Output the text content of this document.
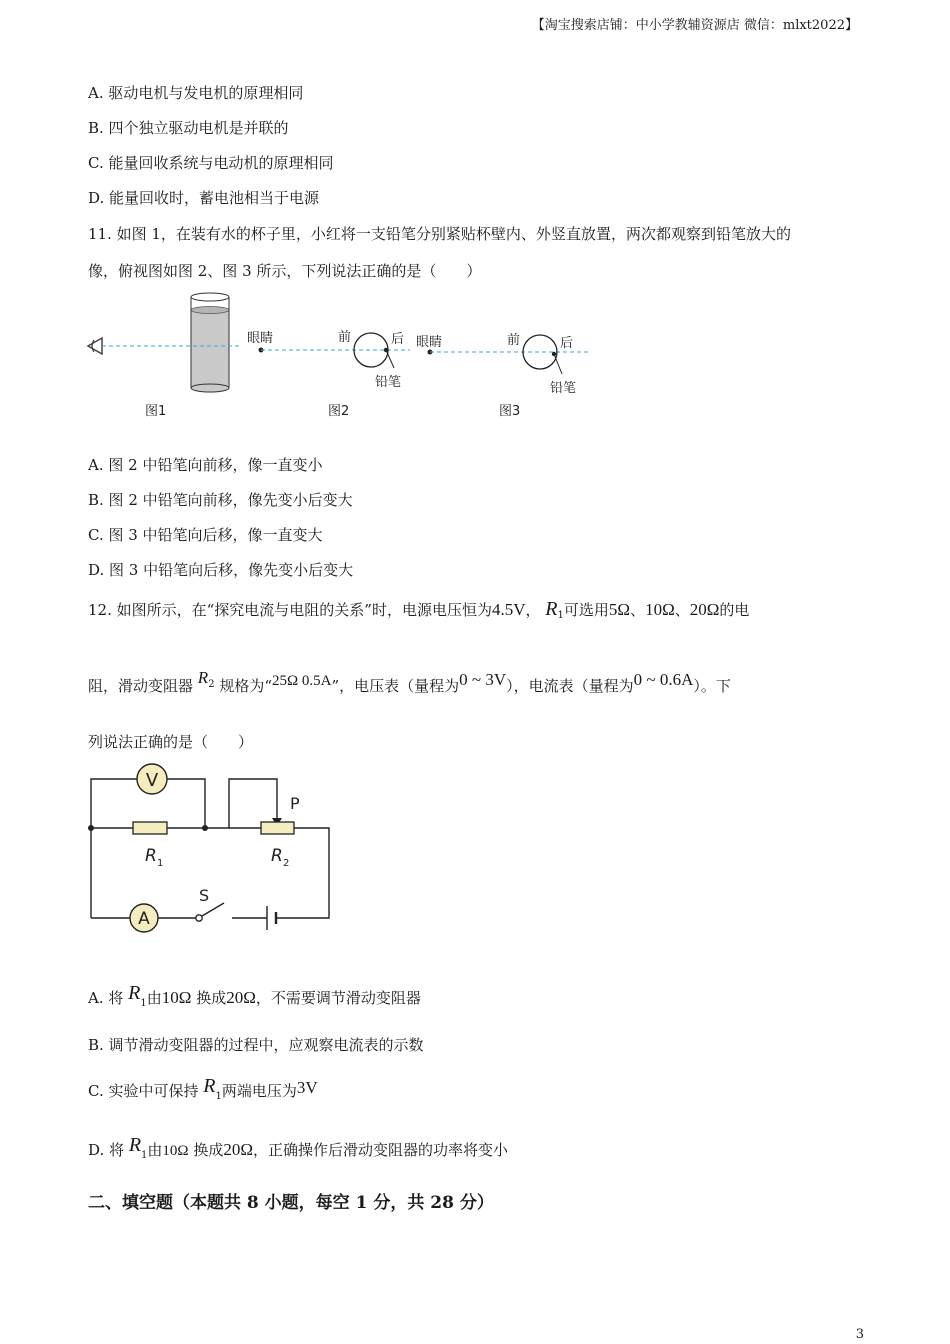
【淘宝搜索店铺：中小学教辅资源店 微信：mlxt2022】
A. 驱动电机与发电机的原理相同
B. 四个独立驱动电机是并联的
C. 能量回收系统与电动机的原理相同
D. 能量回收时，蓄电池相当于电源
11. 如图 1，在装有水的杯子里，小红将一支铅笔分别紧贴杯壁内、外竖直放置，两次都观察到铅笔放大的
像，俯视图如图 2、图 3 所示，下列说法正确的是（　　）
图1
眼睛	前	后
铅笔
图2
眼睛	前	后
铅笔
图3
A. 图 2 中铅笔向前移，像一直变小
B. 图 2 中铅笔向前移，像先变小后变大
C. 图 3 中铅笔向后移，像一直变大
D. 图 3 中铅笔向后移，像先变小后变大
12. 如图所示，在“探究电流与电阻的关系”时，电源电压恒为4.5V， $R_1$可选用5Ω、10Ω、20Ω的电
阻，滑动变阻器 $R^2$ 规格为“25Ω 0.5A”，电压表（量程为0 ~ 3V），电流表（量程为0 ~ 0.6A）。下
列说法正确的是（　　）
V
A
P
S
R 1	R 2
A. 将 $R_1$由10Ω 换成20Ω，不需要调节滑动变阻器
B. 调节滑动变阻器的过程中，应观察电流表的示数
C. 实验中可保持 $R_1$两端电压为3V
D. 将 $R_1$由10Ω 换成20Ω，正确操作后滑动变阻器的功率将变小
二、填空题（本题共 8 小题，每空 1 分，共 28 分）
3
